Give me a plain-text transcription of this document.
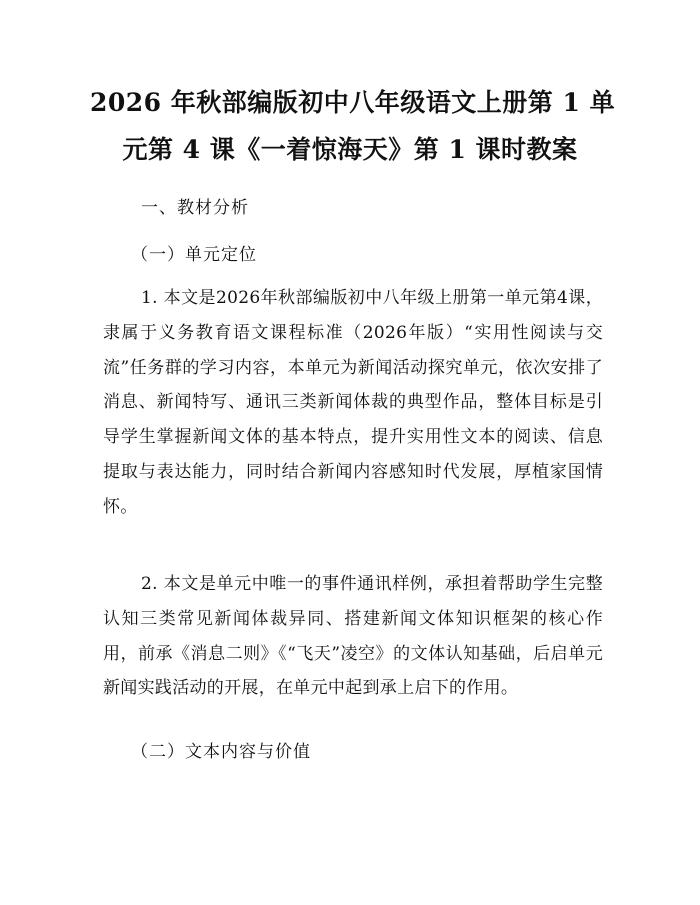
2026 年秋部编版初中八年级语文上册第 1 单
元第 4 课《一着惊海天》第 1 课时教案
一、教材分析
（一）单元定位

1. 本文是2026年秋部编版初中八年级上册第一单元第4课，隶属于义务教育语文课程标准（2026年版）“实用性阅读与交流”任务群的学习内容，本单元为新闻活动探究单元，依次安排了消息、新闻特写、通讯三类新闻体裁的典型作品，整体目标是引导学生掌握新闻文体的基本特点，提升实用性文本的阅读、信息提取与表达能力，同时结合新闻内容感知时代发展，厚植家国情怀。

2. 本文是单元中唯一的事件通讯样例，承担着帮助学生完整认知三类常见新闻体裁异同、搭建新闻文体知识框架的核心作用，前承《消息二则》《“飞天”凌空》的文体认知基础，后启单元新闻实践活动的开展，在单元中起到承上启下的作用。

（二）文本内容与价值
